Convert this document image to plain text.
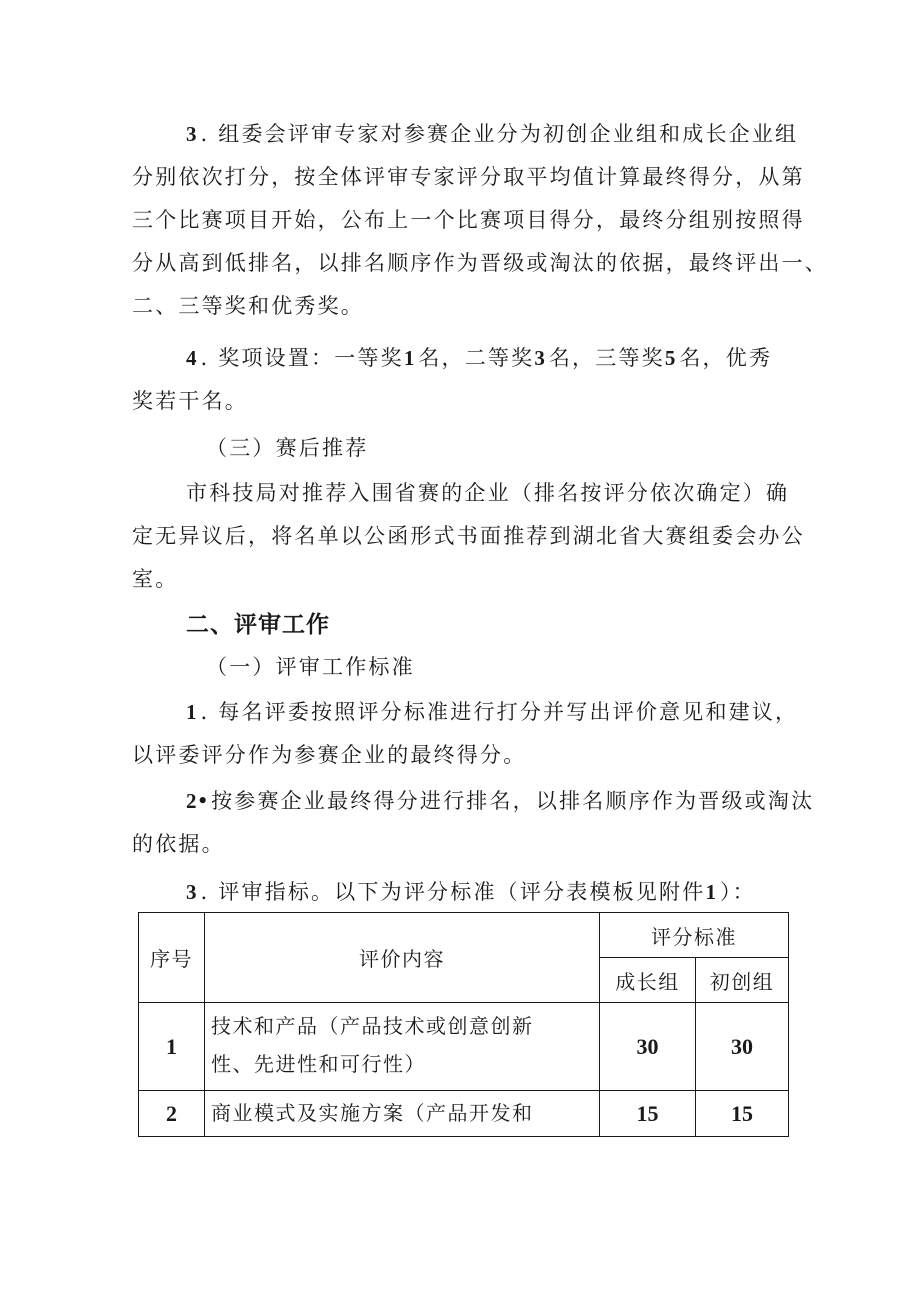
3 . 组委会评审专家对参赛企业分为初创企业组和成长企业组
分别依次打分，按全体评审专家评分取平均值计算最终得分，从第
三个比赛项目开始，公布上一个比赛项目得分，最终分组别按照得
分从高到低排名，以排名顺序作为晋级或淘汰的依据，最终评出一、
二、三等奖和优秀奖。
4 . 奖项设置：一等奖1 名，二等奖3 名，三等奖5 名，优秀
奖若干名。
（三）赛后推荐
市科技局对推荐入围省赛的企业（排名按评分依次确定）确
定无异议后，将名单以公函形式书面推荐到湖北省大赛组委会办公
室。
二、评审工作
（一）评审工作标准
1 . 每名评委按照评分标准进行打分并写出评价意见和建议，
以评委评分作为参赛企业的最终得分。
2•按参赛企业最终得分进行排名，以排名顺序作为晋级或淘汰
的依据。
3 . 评审指标。以下为评分标准（评分表模板见附件1 ）：
序号	评价内容	评分标准	
		成长组	初创组
1	技术和产品（产品技术或创意创新
性、先进性和可行性）	30	30
2	商业模式及实施方案（产品开发和	15	15
